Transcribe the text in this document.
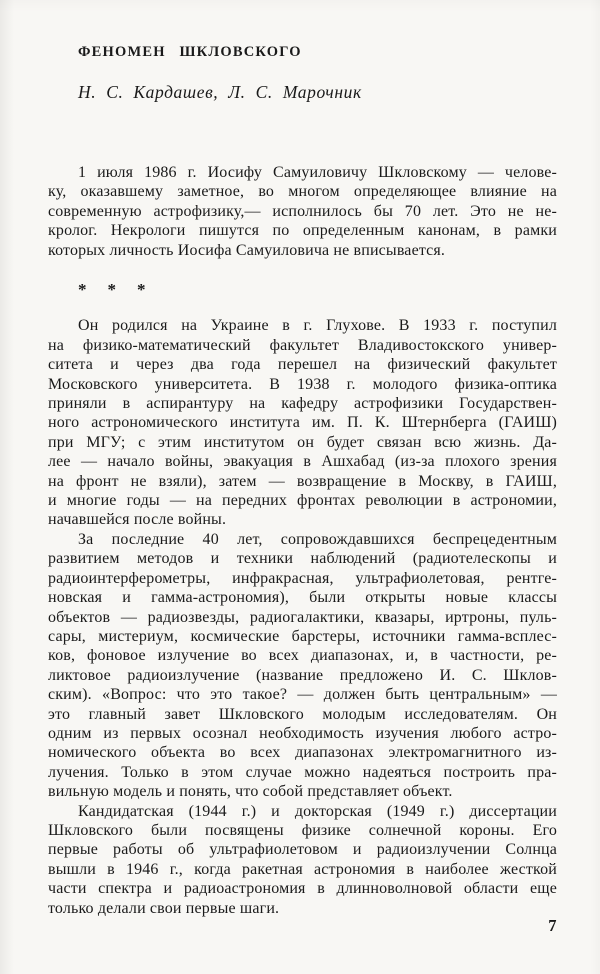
ФЕНОМЕН ШКЛОВСКОГО
Н. С. Кардашев, Л. С. Марочник
1 июля 1986 г. Иосифу Самуиловичу Шкловскому — челове-
ку, оказавшему заметное, во многом определяющее влияние на
современную астрофизику,— исполнилось бы 70 лет. Это не не-
кролог. Некрологи пишутся по определенным канонам, в рамки
которых личность Иосифа Самуиловича не вписывается.
* * *
Он родился на Украине в г. Глухове. В 1933 г. поступил
на физико-математический факультет Владивостокского универ-
ситета и через два года перешел на физический факультет
Московского университета. В 1938 г. молодого физика-оптика
приняли в аспирантуру на кафедру астрофизики Государствен-
ного астрономического института им. П. К. Штернберга (ГАИШ)
при МГУ; с этим институтом он будет связан всю жизнь. Да-
лее — начало войны, эвакуация в Ашхабад (из-за плохого зрения
на фронт не взяли), затем — возвращение в Москву, в ГАИШ,
и многие годы — на передних фронтах революции в астрономии,
начавшейся после войны.
За последние 40 лет, сопровождавшихся беспрецедентным
развитием методов и техники наблюдений (радиотелескопы и
радиоинтерферометры, инфракрасная, ультрафиолетовая, рентге-
новская и гамма-астрономия), были открыты новые классы
объектов — радиозвезды, радиогалактики, квазары, иртроны, пуль-
сары, мистериум, космические барстеры, источники гамма-всплес-
ков, фоновое излучение во всех диапазонах, и, в частности, ре-
ликтовое радиоизлучение (название предложено И. С. Шклов-
ским). «Вопрос: что это такое? — должен быть центральным» —
это главный завет Шкловского молодым исследователям. Он
одним из первых осознал необходимость изучения любого астро-
номического объекта во всех диапазонах электромагнитного из-
лучения. Только в этом случае можно надеяться построить пра-
вильную модель и понять, что собой представляет объект.
Кандидатская (1944 г.) и докторская (1949 г.) диссертации
Шкловского были посвящены физике солнечной короны. Его
первые работы об ультрафиолетовом и радиоизлучении Солнца
вышли в 1946 г., когда ракетная астрономия в наиболее жесткой
части спектра и радиоастрономия в длинноволновой области еще
только делали свои первые шаги.
7
